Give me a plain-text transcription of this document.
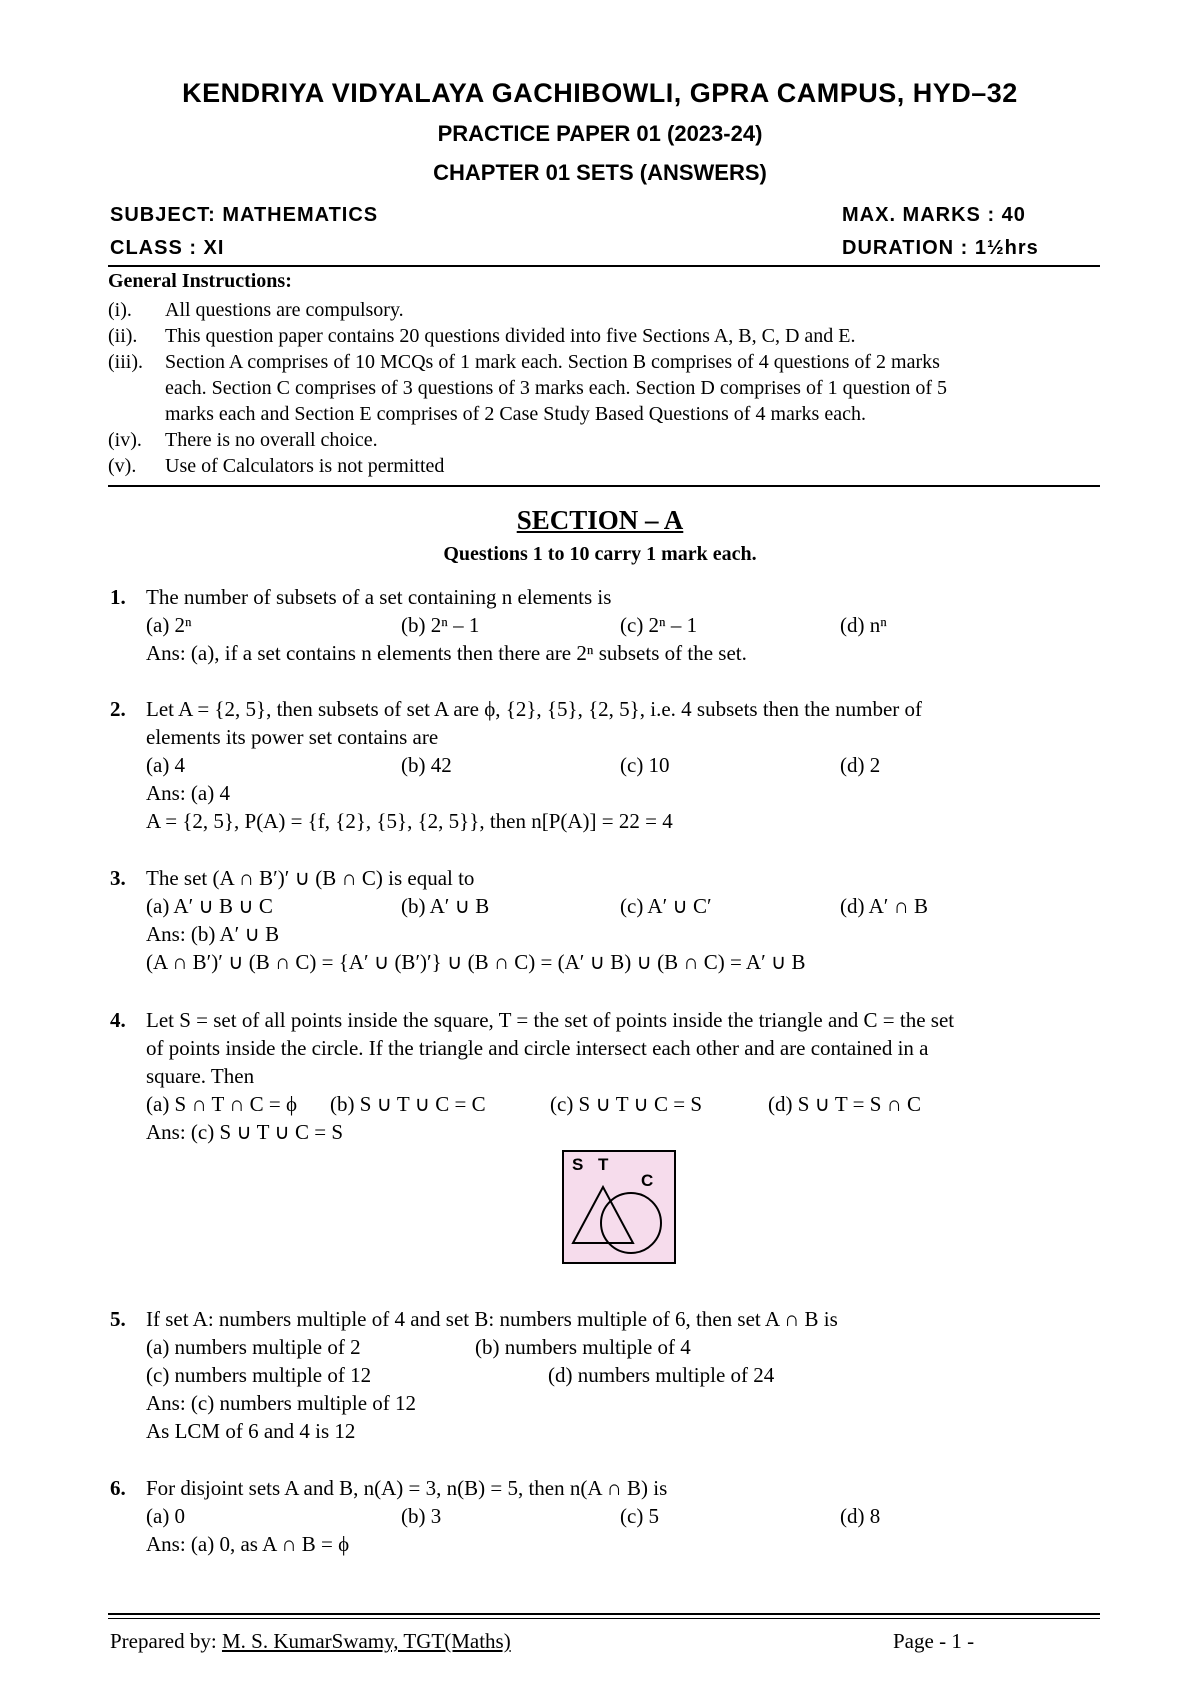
KENDRIYA VIDYALAYA GACHIBOWLI, GPRA CAMPUS, HYD–32
PRACTICE PAPER 01 (2023-24)
CHAPTER 01 SETS (ANSWERS)
SUBJECT: MATHEMATICS	MAX. MARKS : 40
CLASS : XI	DURATION : 1½hrs
General Instructions:
(i). All questions are compulsory.
(ii). This question paper contains 20 questions divided into five Sections A, B, C, D and E.
(iii). Section A comprises of 10 MCQs of 1 mark each. Section B comprises of 4 questions of 2 marks
each. Section C comprises of 3 questions of 3 marks each. Section D comprises of 1 question of 5
marks each and Section E comprises of 2 Case Study Based Questions of 4 marks each.
(iv). There is no overall choice.
(v). Use of Calculators is not permitted
SECTION – A
Questions 1 to 10 carry 1 mark each.
1. The number of subsets of a set containing n elements is
(a) 2ⁿ	(b) 2ⁿ – 1	(c) 2ⁿ – 1	(d) nⁿ
Ans: (a), if a set contains n elements then there are 2ⁿ subsets of the set.
2. Let A = {2, 5}, then subsets of set A are ϕ, {2}, {5}, {2, 5}, i.e. 4 subsets then the number of
elements its power set contains are
(a) 4	(b) 42	(c) 10	(d) 2
Ans: (a) 4
A = {2, 5}, P(A) = {f, {2}, {5}, {2, 5}}, then n[P(A)] = 22 = 4
3. The set (A ∩ B′)′ ∪ (B ∩ C) is equal to
(a) A′ ∪ B ∪ C	(b) A′ ∪ B	(c) A′ ∪ C′	(d) A′ ∩ B
Ans: (b) A′ ∪ B
(A ∩ B′)′ ∪ (B ∩ C) = {A′ ∪ (B′)′} ∪ (B ∩ C) = (A′ ∪ B) ∪ (B ∩ C) = A′ ∪ B
4. Let S = set of all points inside the square, T = the set of points inside the triangle and C = the set
of points inside the circle. If the triangle and circle intersect each other and are contained in a
square. Then
(a) S ∩ T ∩ C = ϕ (b) S ∪ T ∪ C = C	(c) S ∪ T ∪ C = S	(d) S ∪ T = S ∩ C
Ans: (c) S ∪ T ∪ C = S
S T
C
5. If set A: numbers multiple of 4 and set B: numbers multiple of 6, then set A ∩ B is
(a) numbers multiple of 2	(b) numbers multiple of 4
(c) numbers multiple of 12	(d) numbers multiple of 24
Ans: (c) numbers multiple of 12
As LCM of 6 and 4 is 12
6. For disjoint sets A and B, n(A) = 3, n(B) = 5, then n(A ∩ B) is
(a) 0	(b) 3	(c) 5	(d) 8
Ans: (a) 0, as A ∩ B = ϕ
Prepared by: M. S. KumarSwamy, TGT(Maths)	Page - 1 -
